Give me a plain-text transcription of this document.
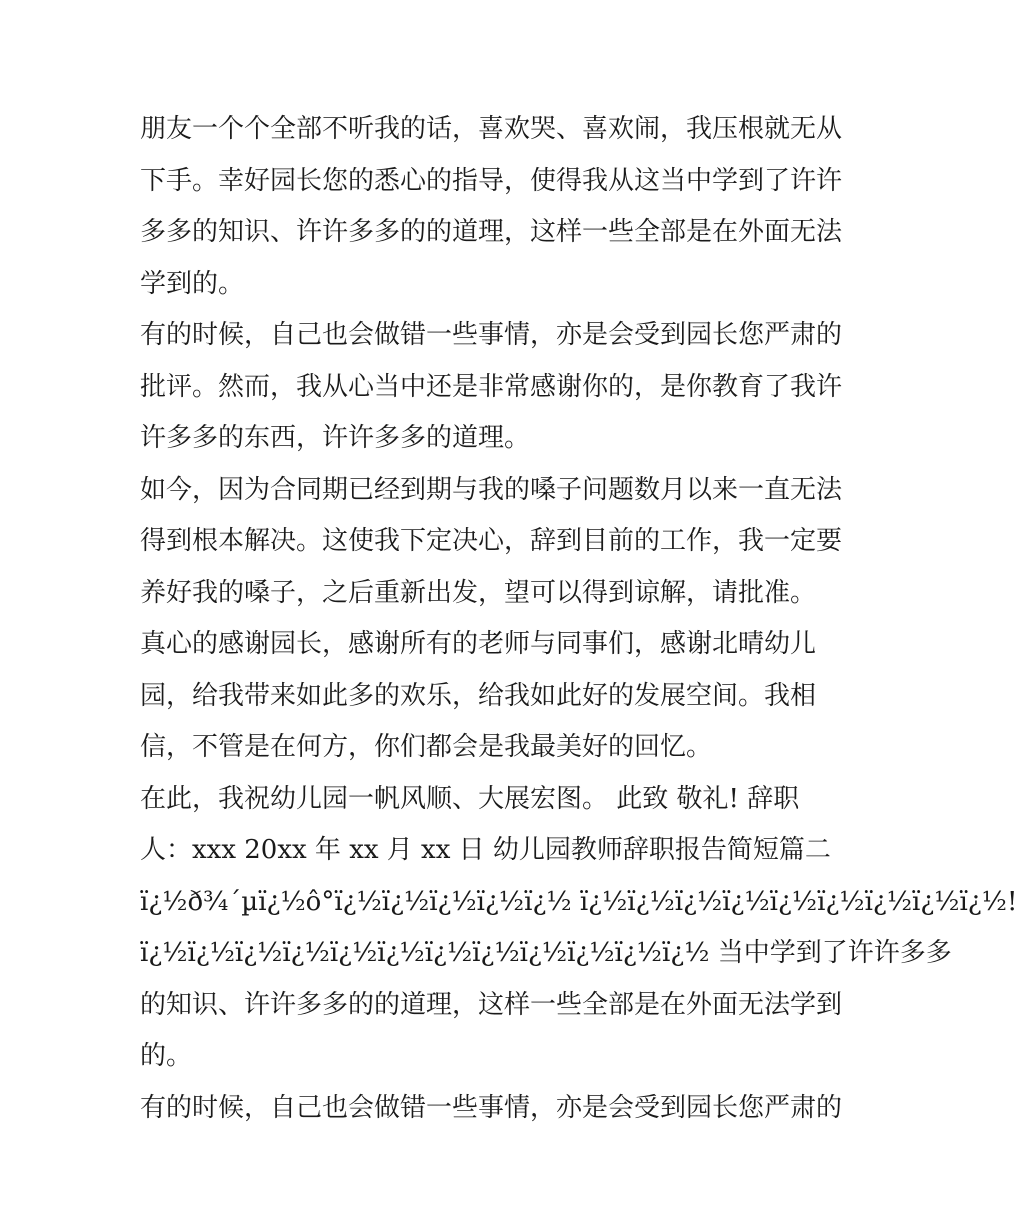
朋友一个个全部不听我的话，喜欢哭、喜欢闹，我压根就无从
下手。幸好园长您的悉心的指导，使得我从这当中学到了许许
多多的知识、许许多多的的道理，这样一些全部是在外面无法
学到的。
有的时候，自己也会做错一些事情，亦是会受到园长您严肃的
批评。然而，我从心当中还是非常感谢你的，是你教育了我许
许多多的东西，许许多多的道理。
如今，因为合同期已经到期与我的嗓子问题数月以来一直无法
得到根本解决。这使我下定决心，辞到目前的工作，我一定要
养好我的嗓子，之后重新出发，望可以得到谅解，请批准。
真心的感谢园长，感谢所有的老师与同事们，感谢北晴幼儿
园，给我带来如此多的欢乐，给我如此好的发展空间。我相
信，不管是在何方，你们都会是我最美好的回忆。
在此，我祝幼儿园一帆风顺、大展宏图。 此致 敬礼! 辞职
人：xxx 20xx 年 xx 月 xx 日 幼儿园教师辞职报告简短篇二
ï¿½ð¾´µï¿½ô°ï¿½ï¿½ï¿½ï¿½ï¿½ ï¿½ï¿½ï¿½ï¿½ï¿½ï¿½ï¿½ï¿½ï¿½!
ï¿½ï¿½ï¿½ï¿½ï¿½ï¿½ï¿½ï¿½ï¿½ï¿½ï¿½ï¿½ 当中学到了许许多多
的知识、许许多多的的道理，这样一些全部是在外面无法学到
的。
有的时候，自己也会做错一些事情，亦是会受到园长您严肃的
